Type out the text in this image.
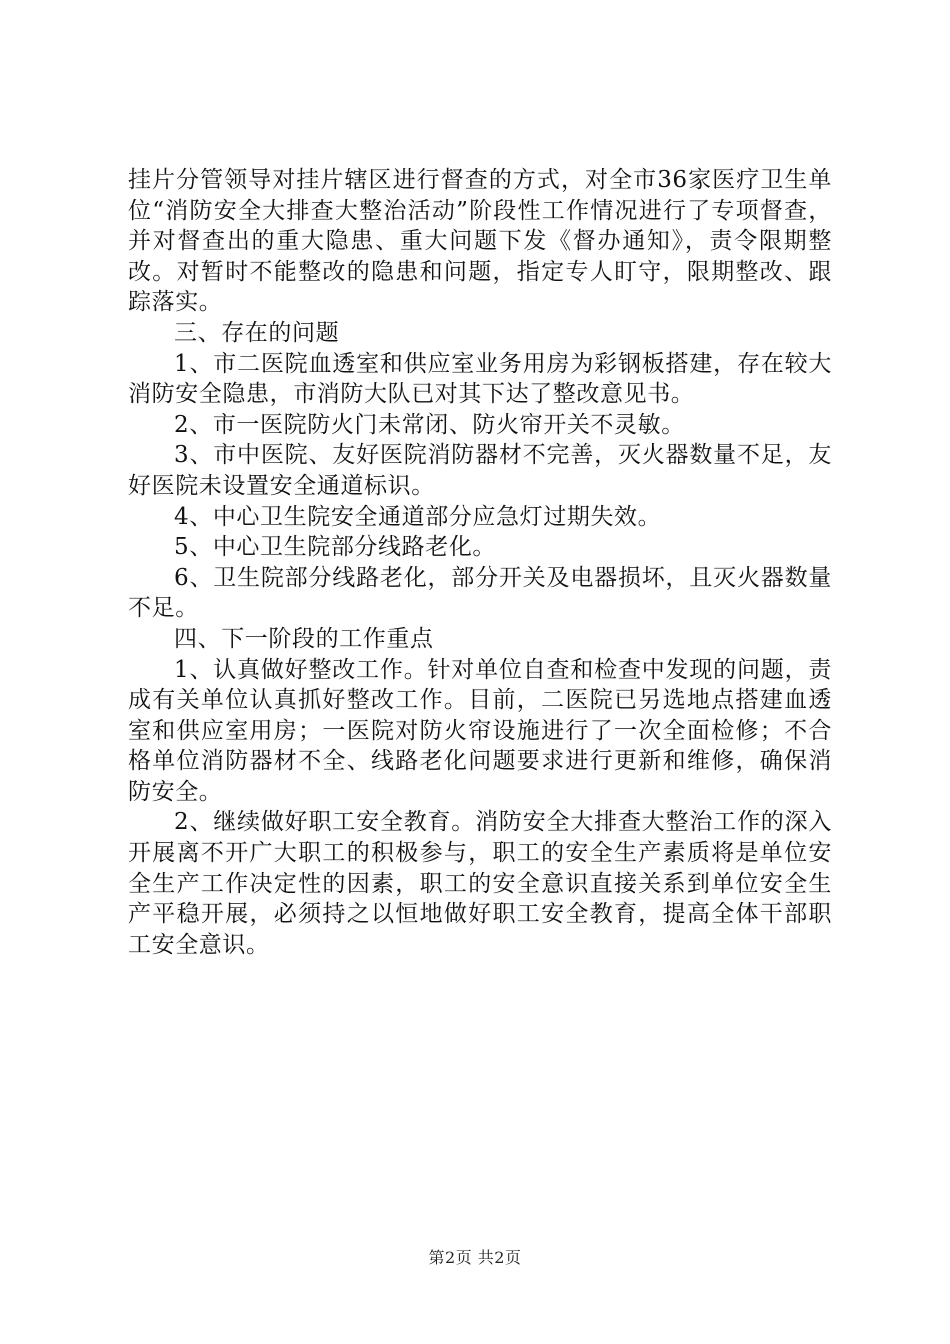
挂片分管领导对挂片辖区进行督查的方式，对全市36家医疗卫生单位“消防安全大排查大整治活动”阶段性工作情况进行了专项督查，并对督查出的重大隐患、重大问题下发《督办通知》，责令限期整改。对暂时不能整改的隐患和问题，指定专人盯守，限期整改、跟踪落实。

三、存在的问题

1、市二医院血透室和供应室业务用房为彩钢板搭建，存在较大消防安全隐患，市消防大队已对其下达了整改意见书。

2、市一医院防火门未常闭、防火帘开关不灵敏。

3、市中医院、友好医院消防器材不完善，灭火器数量不足，友好医院未设置安全通道标识。

4、中心卫生院安全通道部分应急灯过期失效。

5、中心卫生院部分线路老化。

6、卫生院部分线路老化，部分开关及电器损坏，且灭火器数量不足。

四、下一阶段的工作重点

1、认真做好整改工作。针对单位自查和检查中发现的问题，责成有关单位认真抓好整改工作。目前，二医院已另选地点搭建血透室和供应室用房；一医院对防火帘设施进行了一次全面检修；不合格单位消防器材不全、线路老化问题要求进行更新和维修，确保消防安全。

2、继续做好职工安全教育。消防安全大排查大整治工作的深入开展离不开广大职工的积极参与，职工的安全生产素质将是单位安全生产工作决定性的因素，职工的安全意识直接关系到单位安全生产平稳开展，必须持之以恒地做好职工安全教育，提高全体干部职工安全意识。

第2页 共2页
